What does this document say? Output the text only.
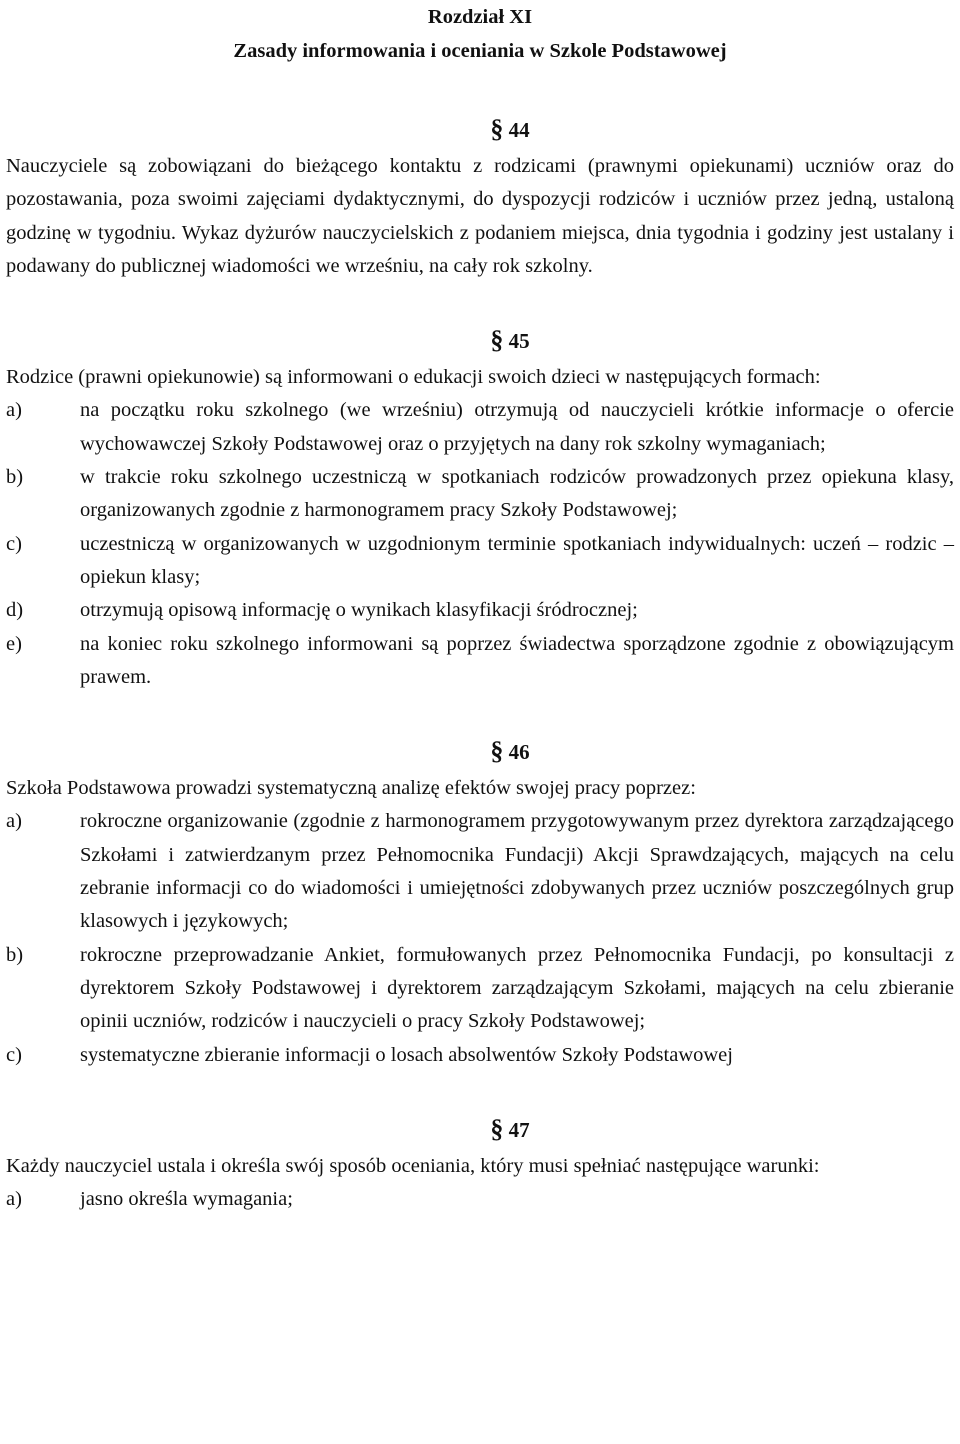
Rozdział XI
Zasady informowania i oceniania w Szkole Podstawowej
§ 44

Nauczyciele są zobowiązani do bieżącego kontaktu z rodzicami (prawnymi opiekunami) uczniów oraz do pozostawania, poza swoimi zajęciami dydaktycznymi, do dyspozycji rodziców i uczniów przez jedną, ustaloną godzinę w tygodniu. Wykaz dyżurów nauczycielskich z podaniem miejsca, dnia tygodnia i godziny jest ustalany i podawany do publicznej wiadomości we wrześniu, na cały rok szkolny.

§ 45

Rodzice (prawni opiekunowie) są informowani o edukacji swoich dzieci w następujących formach:

a)	na początku roku szkolnego (we wrześniu) otrzymują od nauczycieli krótkie informacje o ofercie wychowawczej Szkoły Podstawowej oraz o przyjętych na dany rok szkolny wymaganiach;
b)	w trakcie roku szkolnego uczestniczą w spotkaniach rodziców prowadzonych przez opiekuna klasy, organizowanych zgodnie z harmonogramem pracy Szkoły Podstawowej;
c)	uczestniczą w organizowanych w uzgodnionym terminie spotkaniach indywidualnych: uczeń – rodzic – opiekun klasy;
d)	otrzymują opisową informację o wynikach klasyfikacji śródrocznej;
e)	na koniec roku szkolnego informowani są poprzez świadectwa sporządzone zgodnie z obowiązującym prawem.
§ 46

Szkoła Podstawowa prowadzi systematyczną analizę efektów swojej pracy poprzez:

a)	rokroczne organizowanie (zgodnie z harmonogramem przygotowywanym przez dyrektora zarządzającego Szkołami i zatwierdzanym przez Pełnomocnika Fundacji) Akcji Sprawdzających, mających na celu zebranie informacji co do wiadomości i umiejętności zdobywanych przez uczniów poszczególnych grup klasowych i językowych;
b)	rokroczne przeprowadzanie Ankiet, formułowanych przez Pełnomocnika Fundacji, po konsultacji z dyrektorem Szkoły Podstawowej i dyrektorem zarządzającym Szkołami, mających na celu zbieranie opinii uczniów, rodziców i nauczycieli o pracy Szkoły Podstawowej;
c)	systematyczne zbieranie informacji o losach absolwentów Szkoły Podstawowej
§ 47

Każdy nauczyciel ustala i określa swój sposób oceniania, który musi spełniać następujące warunki:

a)	jasno określa wymagania;
